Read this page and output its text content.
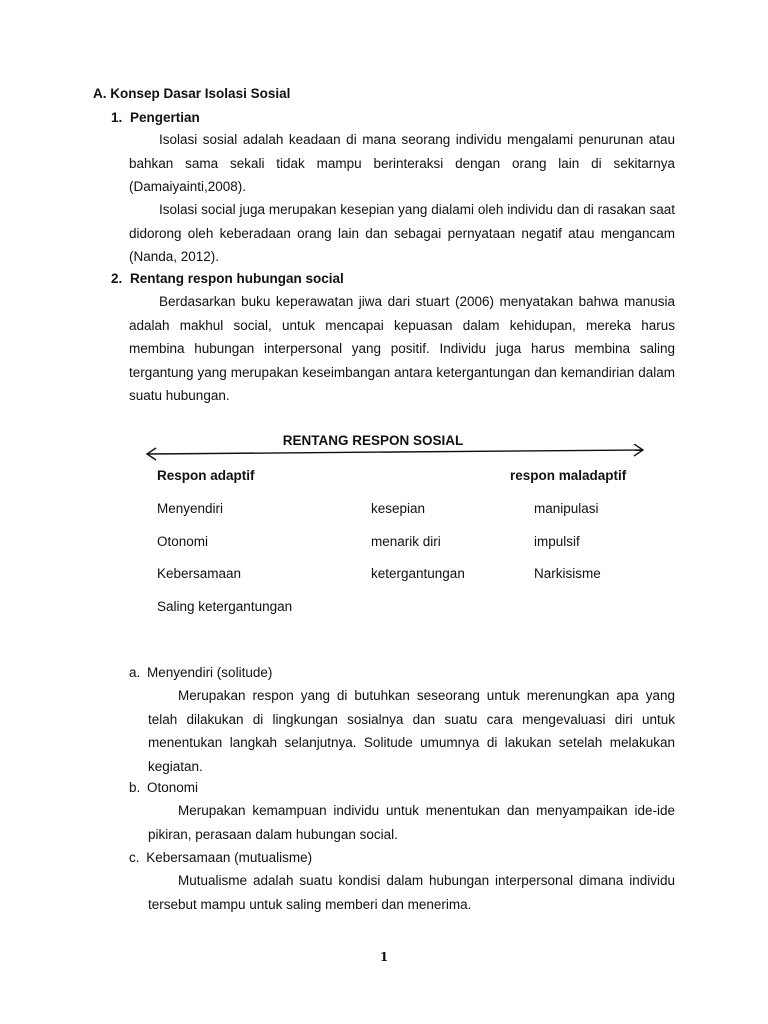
A. Konsep Dasar Isolasi Sosial
1. Pengertian

Isolasi sosial adalah keadaan di mana seorang individu mengalami penurunan atau bahkan sama sekali tidak mampu berinteraksi dengan orang lain di sekitarnya (Damaiyainti,2008).

Isolasi social juga merupakan kesepian yang dialami oleh individu dan di rasakan saat didorong oleh keberadaan orang lain dan sebagai pernyataan negatif atau mengancam (Nanda, 2012).

2. Rentang respon hubungan social

Berdasarkan buku keperawatan jiwa dari stuart (2006) menyatakan bahwa manusia adalah makhul social, untuk mencapai kepuasan dalam kehidupan, mereka harus membina hubungan interpersonal yang positif. Individu juga harus membina saling tergantung yang merupakan keseimbangan antara ketergantungan dan kemandirian dalam suatu hubungan.

RENTANG RESPON SOSIAL
Respon adaptif	respon maladaptif
Menyendiri
Otonomi
Kebersamaan
Saling ketergantungan
kesepian
menarik diri
ketergantungan
manipulasi
impulsif
Narkisisme
a. Menyendiri (solitude)

Merupakan respon yang di butuhkan seseorang untuk merenungkan apa yang telah dilakukan di lingkungan sosialnya dan suatu cara mengevaluasi diri untuk menentukan langkah selanjutnya. Solitude umumnya di lakukan setelah melakukan kegiatan.

b. Otonomi

Merupakan kemampuan individu untuk menentukan dan menyampaikan ide-ide pikiran, perasaan dalam hubungan social.

c. Kebersamaan (mutualisme)

Mutualisme adalah suatu kondisi dalam hubungan interpersonal dimana individu tersebut mampu untuk saling memberi dan menerima.

1
